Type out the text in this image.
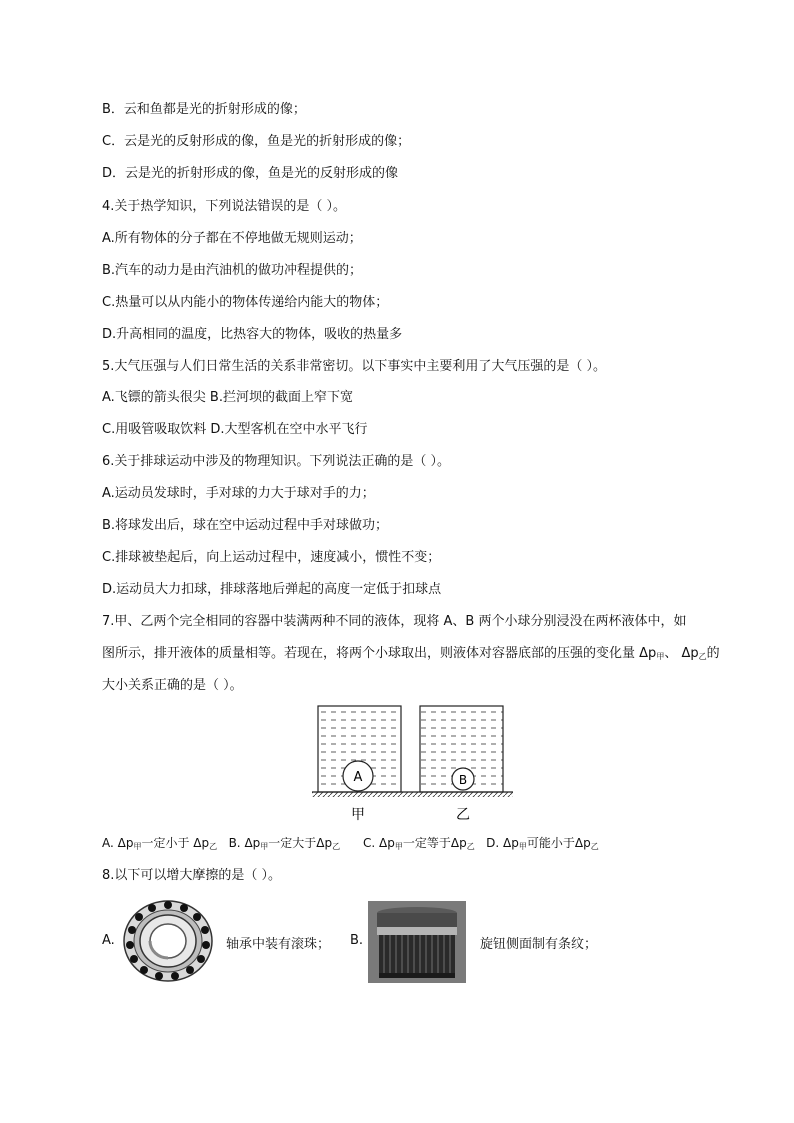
B．云和鱼都是光的折射形成的像；
C．云是光的反射形成的像，鱼是光的折射形成的像；
D．云是光的折射形成的像，鱼是光的反射形成的像
4.关于热学知识，下列说法错误的是（ ）。
A.所有物体的分子都在不停地做无规则运动；
B.汽车的动力是由汽油机的做功冲程提供的；
C.热量可以从内能小的物体传递给内能大的物体；
D.升高相同的温度，比热容大的物体，吸收的热量多
5.大气压强与人们日常生活的关系非常密切。以下事实中主要利用了大气压强的是（ ）。
A.飞镖的箭头很尖 B.拦河坝的截面上窄下宽
C.用吸管吸取饮料 D.大型客机在空中水平飞行
6.关于排球运动中涉及的物理知识。下列说法正确的是（ ）。
A.运动员发球时，手对球的力大于球对手的力；
B.将球发出后，球在空中运动过程中手对球做功；
C.排球被垫起后，向上运动过程中，速度减小，惯性不变；
D.运动员大力扣球，排球落地后弹起的高度一定低于扣球点
7.甲、乙两个完全相同的容器中装满两种不同的液体，现将 A、B 两个小球分别浸没在两杯液体中，如
图所示，排开液体的质量相等。若现在，将两个小球取出，则液体对容器底部的压强的变化量 $\Delta p_甲$、 $\Delta p_乙$的
大小关系正确的是（ ）。
A	B
甲	乙
A. $\Delta p_甲$一定小于 $\Delta p_乙$ B. $\Delta p_甲$一定大于$\Delta p_乙$ C. $\Delta p_甲$一定等于$\Delta p_乙$ D. $\Delta p_甲$可能小于$\Delta p_乙$
8.以下可以增大摩擦的是（ ）。
A.	轴承中装有滚珠； B.	旋钮侧面制有条纹；
